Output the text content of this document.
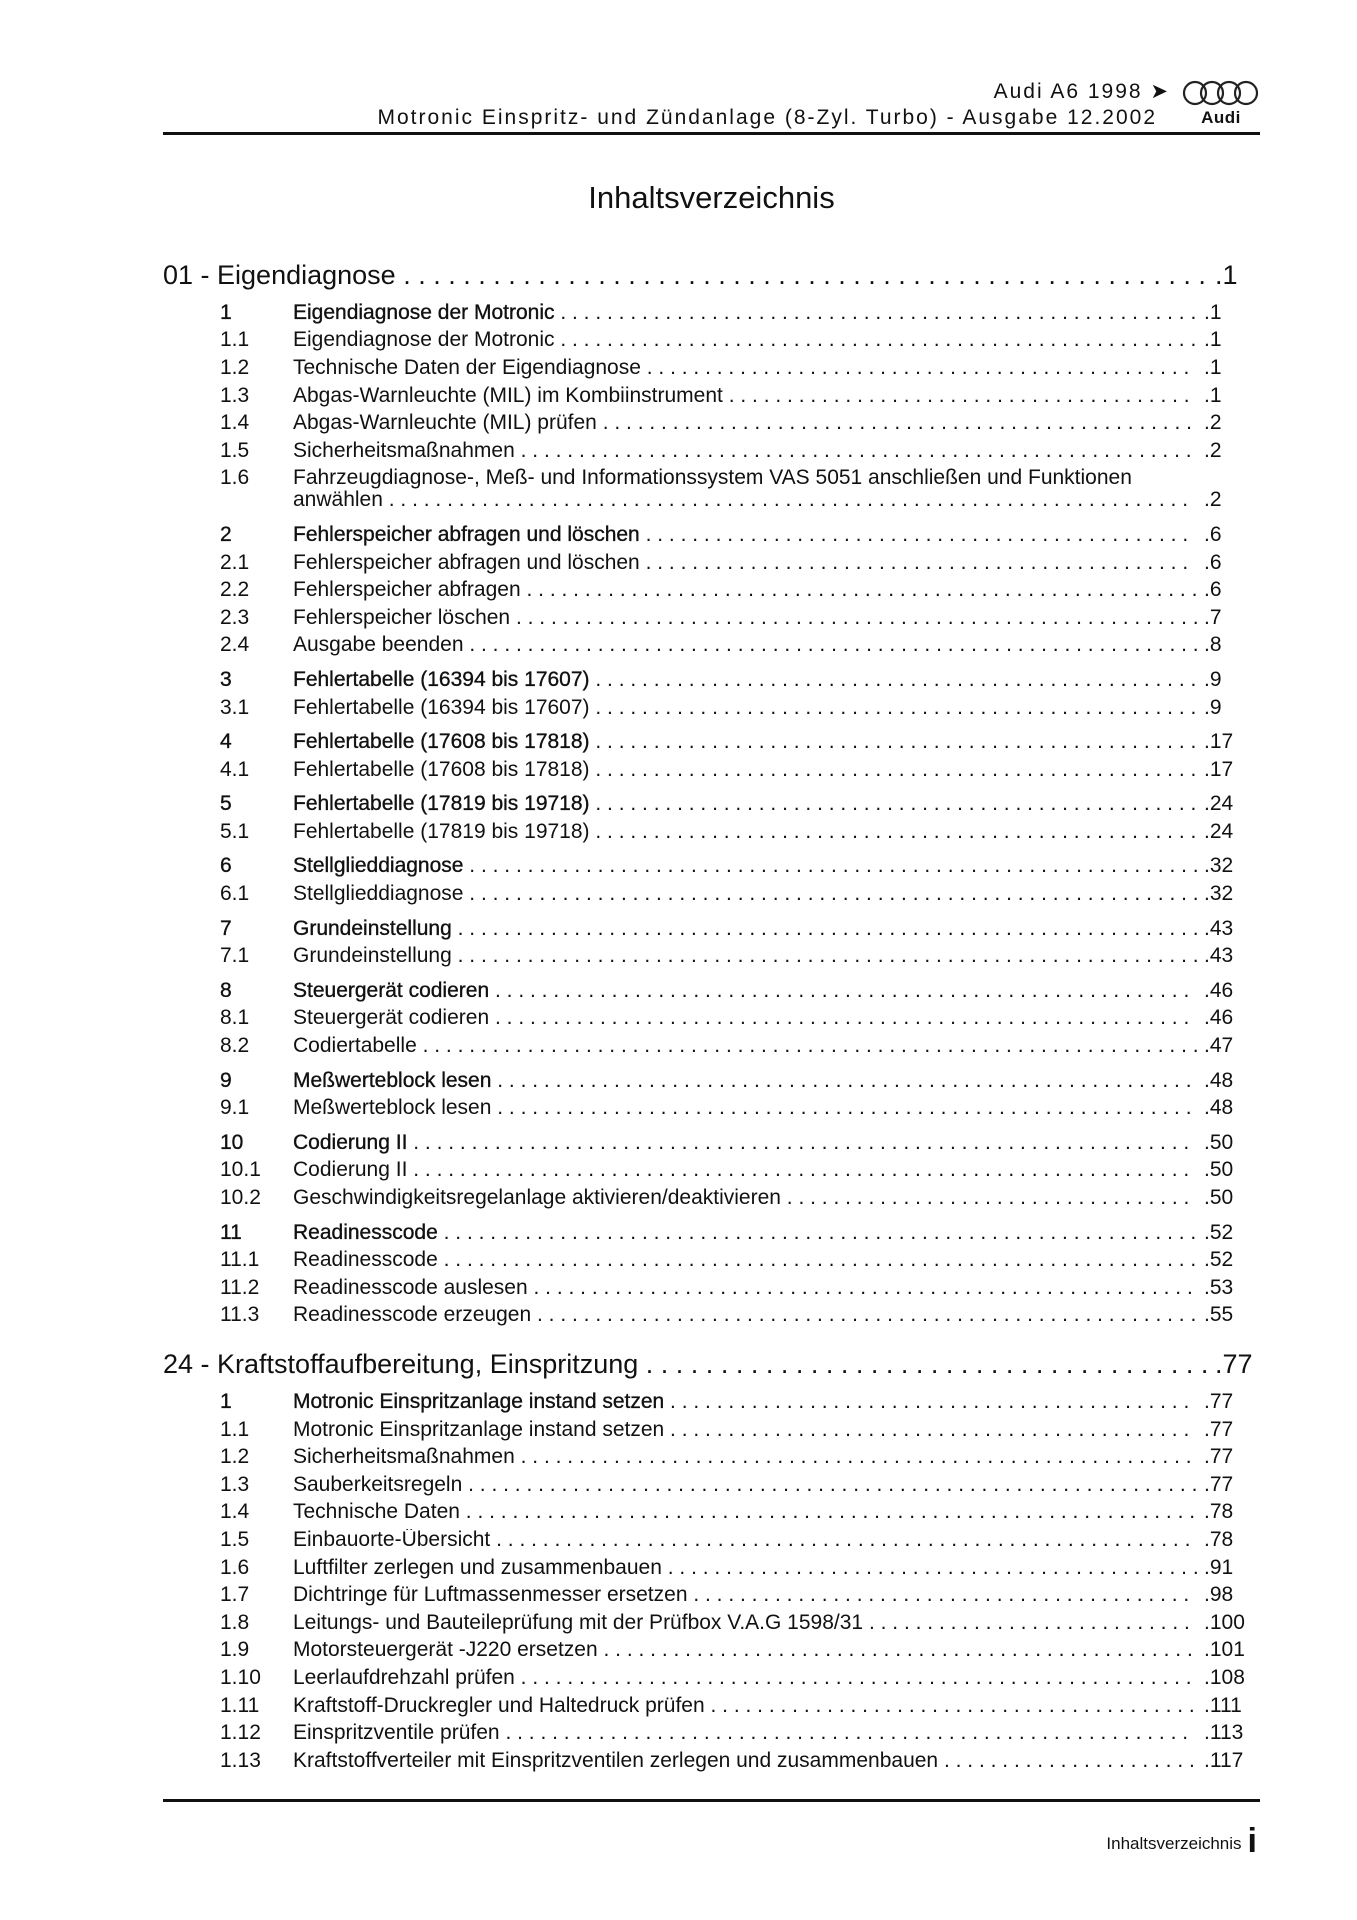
Audi A6 1998 ➤
Motronic Einspritz- und Zündanlage (8-Zyl. Turbo) - Ausgabe 12.2002	Audi
Inhaltsverzeichnis
01 - Eigendiagnose . . . . . . . . . . . . . . . . . . . . . . . . . . . . . . . . . . . . . . . . . . . . . . . . . . . . . . .1
1	Eigendiagnose der Motronic . . . . . . . . . . . . . . . . . . . . . . . . . . . . . . . . . . . . . . . . . . . . . . . . . . . . . . . .1
1.1 Eigendiagnose der Motronic . . . . . . . . . . . . . . . . . . . . . . . . . . . . . . . . . . . . . . . . . . . . . . . . . . . . . . . .1
1.2 Technische Daten der Eigendiagnose . . . . . . . . . . . . . . . . . . . . . . . . . . . . . . . . . . . . . . . . . . . . . . . .1
1.3 Abgas-Warnleuchte (MIL) im Kombiinstrument . . . . . . . . . . . . . . . . . . . . . . . . . . . . . . . . . . . . . . . . .1
1.4 Abgas-Warnleuchte (MIL) prüfen . . . . . . . . . . . . . . . . . . . . . . . . . . . . . . . . . . . . . . . . . . . . . . . . . . . .2
1.5 Sicherheitsmaßnahmen . . . . . . . . . . . . . . . . . . . . . . . . . . . . . . . . . . . . . . . . . . . . . . . . . . . . . . . . . . .2
1.6 Fahrzeugdiagnose-, Meß- und Informationssystem VAS 5051 anschließen und Funktionen anwählen . . . . . . . . . . . . . . . . . . . . . . . . . . . . . . . . . . . . . . . . . . . . . . . . . . . . . . . . . . . . . . . . . . . . . .2
2	Fehlerspeicher abfragen und löschen . . . . . . . . . . . . . . . . . . . . . . . . . . . . . . . . . . . . . . . . . . . . . . . .6
2.1 Fehlerspeicher abfragen und löschen . . . . . . . . . . . . . . . . . . . . . . . . . . . . . . . . . . . . . . . . . . . . . . . .6
2.2 Fehlerspeicher abfragen . . . . . . . . . . . . . . . . . . . . . . . . . . . . . . . . . . . . . . . . . . . . . . . . . . . . . . . . . . .6
2.3 Fehlerspeicher löschen . . . . . . . . . . . . . . . . . . . . . . . . . . . . . . . . . . . . . . . . . . . . . . . . . . . . . . . . . . . .7
2.4 Ausgabe beenden . . . . . . . . . . . . . . . . . . . . . . . . . . . . . . . . . . . . . . . . . . . . . . . . . . . . . . . . . . . . . . . .8
3	Fehlertabelle (16394 bis 17607) . . . . . . . . . . . . . . . . . . . . . . . . . . . . . . . . . . . . . . . . . . . . . . . . . . . . .9
3.1 Fehlertabelle (16394 bis 17607) . . . . . . . . . . . . . . . . . . . . . . . . . . . . . . . . . . . . . . . . . . . . . . . . . . . . .9
4	Fehlertabelle (17608 bis 17818) . . . . . . . . . . . . . . . . . . . . . . . . . . . . . . . . . . . . . . . . . . . . . . . . . . . . .17
4.1 Fehlertabelle (17608 bis 17818) . . . . . . . . . . . . . . . . . . . . . . . . . . . . . . . . . . . . . . . . . . . . . . . . . . . . .17
5	Fehlertabelle (17819 bis 19718) . . . . . . . . . . . . . . . . . . . . . . . . . . . . . . . . . . . . . . . . . . . . . . . . . . . . .24
5.1 Fehlertabelle (17819 bis 19718) . . . . . . . . . . . . . . . . . . . . . . . . . . . . . . . . . . . . . . . . . . . . . . . . . . . . .24
6	Stellglieddiagnose . . . . . . . . . . . . . . . . . . . . . . . . . . . . . . . . . . . . . . . . . . . . . . . . . . . . . . . . . . . . . . . .32
6.1 Stellglieddiagnose . . . . . . . . . . . . . . . . . . . . . . . . . . . . . . . . . . . . . . . . . . . . . . . . . . . . . . . . . . . . . . . .32
7	Grundeinstellung . . . . . . . . . . . . . . . . . . . . . . . . . . . . . . . . . . . . . . . . . . . . . . . . . . . . . . . . . . . . . . . . .43
7.1 Grundeinstellung . . . . . . . . . . . . . . . . . . . . . . . . . . . . . . . . . . . . . . . . . . . . . . . . . . . . . . . . . . . . . . . . .43
8	Steuergerät codieren . . . . . . . . . . . . . . . . . . . . . . . . . . . . . . . . . . . . . . . . . . . . . . . . . . . . . . . . . . . . .46
8.1 Steuergerät codieren . . . . . . . . . . . . . . . . . . . . . . . . . . . . . . . . . . . . . . . . . . . . . . . . . . . . . . . . . . . . .46
8.2 Codiertabelle . . . . . . . . . . . . . . . . . . . . . . . . . . . . . . . . . . . . . . . . . . . . . . . . . . . . . . . . . . . . . . . . . . . .47
9	Meßwerteblock lesen . . . . . . . . . . . . . . . . . . . . . . . . . . . . . . . . . . . . . . . . . . . . . . . . . . . . . . . . . . . . .48
9.1 Meßwerteblock lesen . . . . . . . . . . . . . . . . . . . . . . . . . . . . . . . . . . . . . . . . . . . . . . . . . . . . . . . . . . . . .48
10 Codierung II . . . . . . . . . . . . . . . . . . . . . . . . . . . . . . . . . . . . . . . . . . . . . . . . . . . . . . . . . . . . . . . . . . . .50
10.1 Codierung II . . . . . . . . . . . . . . . . . . . . . . . . . . . . . . . . . . . . . . . . . . . . . . . . . . . . . . . . . . . . . . . . . . . .50
10.2 Geschwindigkeitsregelanlage aktivieren/deaktivieren . . . . . . . . . . . . . . . . . . . . . . . . . . . . . . . . . . . .50
11 Readinesscode . . . . . . . . . . . . . . . . . . . . . . . . . . . . . . . . . . . . . . . . . . . . . . . . . . . . . . . . . . . . . . . . . .52
11.1 Readinesscode . . . . . . . . . . . . . . . . . . . . . . . . . . . . . . . . . . . . . . . . . . . . . . . . . . . . . . . . . . . . . . . . . .52
11.2 Readinesscode auslesen . . . . . . . . . . . . . . . . . . . . . . . . . . . . . . . . . . . . . . . . . . . . . . . . . . . . . . . . . .53
11.3 Readinesscode erzeugen . . . . . . . . . . . . . . . . . . . . . . . . . . . . . . . . . . . . . . . . . . . . . . . . . . . . . . . . . .55
24 - Kraftstoffaufbereitung, Einspritzung . . . . . . . . . . . . . . . . . . . . . . . . . . . . . . . . . . . . . . .77
1	Motronic Einspritzanlage instand setzen . . . . . . . . . . . . . . . . . . . . . . . . . . . . . . . . . . . . . . . . . . . . . .77
1.1 Motronic Einspritzanlage instand setzen . . . . . . . . . . . . . . . . . . . . . . . . . . . . . . . . . . . . . . . . . . . . . .77
1.2 Sicherheitsmaßnahmen . . . . . . . . . . . . . . . . . . . . . . . . . . . . . . . . . . . . . . . . . . . . . . . . . . . . . . . . . . .77
1.3 Sauberkeitsregeln . . . . . . . . . . . . . . . . . . . . . . . . . . . . . . . . . . . . . . . . . . . . . . . . . . . . . . . . . . . . . . . .77
1.4 Technische Daten . . . . . . . . . . . . . . . . . . . . . . . . . . . . . . . . . . . . . . . . . . . . . . . . . . . . . . . . . . . . . . . .78
1.5 Einbauorte-Übersicht . . . . . . . . . . . . . . . . . . . . . . . . . . . . . . . . . . . . . . . . . . . . . . . . . . . . . . . . . . . . .78
1.6 Luftfilter zerlegen und zusammenbauen . . . . . . . . . . . . . . . . . . . . . . . . . . . . . . . . . . . . . . . . . . . . . . .91
1.7 Dichtringe für Luftmassenmesser ersetzen . . . . . . . . . . . . . . . . . . . . . . . . . . . . . . . . . . . . . . . . . . . .98
1.8 Leitungs- und Bauteileprüfung mit der Prüfbox V.A.G 1598/31 . . . . . . . . . . . . . . . . . . . . . . . . . . . . .100
1.9 Motorsteuergerät -J220 ersetzen . . . . . . . . . . . . . . . . . . . . . . . . . . . . . . . . . . . . . . . . . . . . . . . . . . . .101
1.10 Leerlaufdrehzahl prüfen . . . . . . . . . . . . . . . . . . . . . . . . . . . . . . . . . . . . . . . . . . . . . . . . . . . . . . . . . . .108
1.11 Kraftstoff-Druckregler und Haltedruck prüfen . . . . . . . . . . . . . . . . . . . . . . . . . . . . . . . . . . . . . . . . . . .111
1.12 Einspritzventile prüfen . . . . . . . . . . . . . . . . . . . . . . . . . . . . . . . . . . . . . . . . . . . . . . . . . . . . . . . . . . . .113
1.13 Kraftstoffverteiler mit Einspritzventilen zerlegen und zusammenbauen . . . . . . . . . . . . . . . . . . . . . . .117
Inhaltsverzeichnis i
